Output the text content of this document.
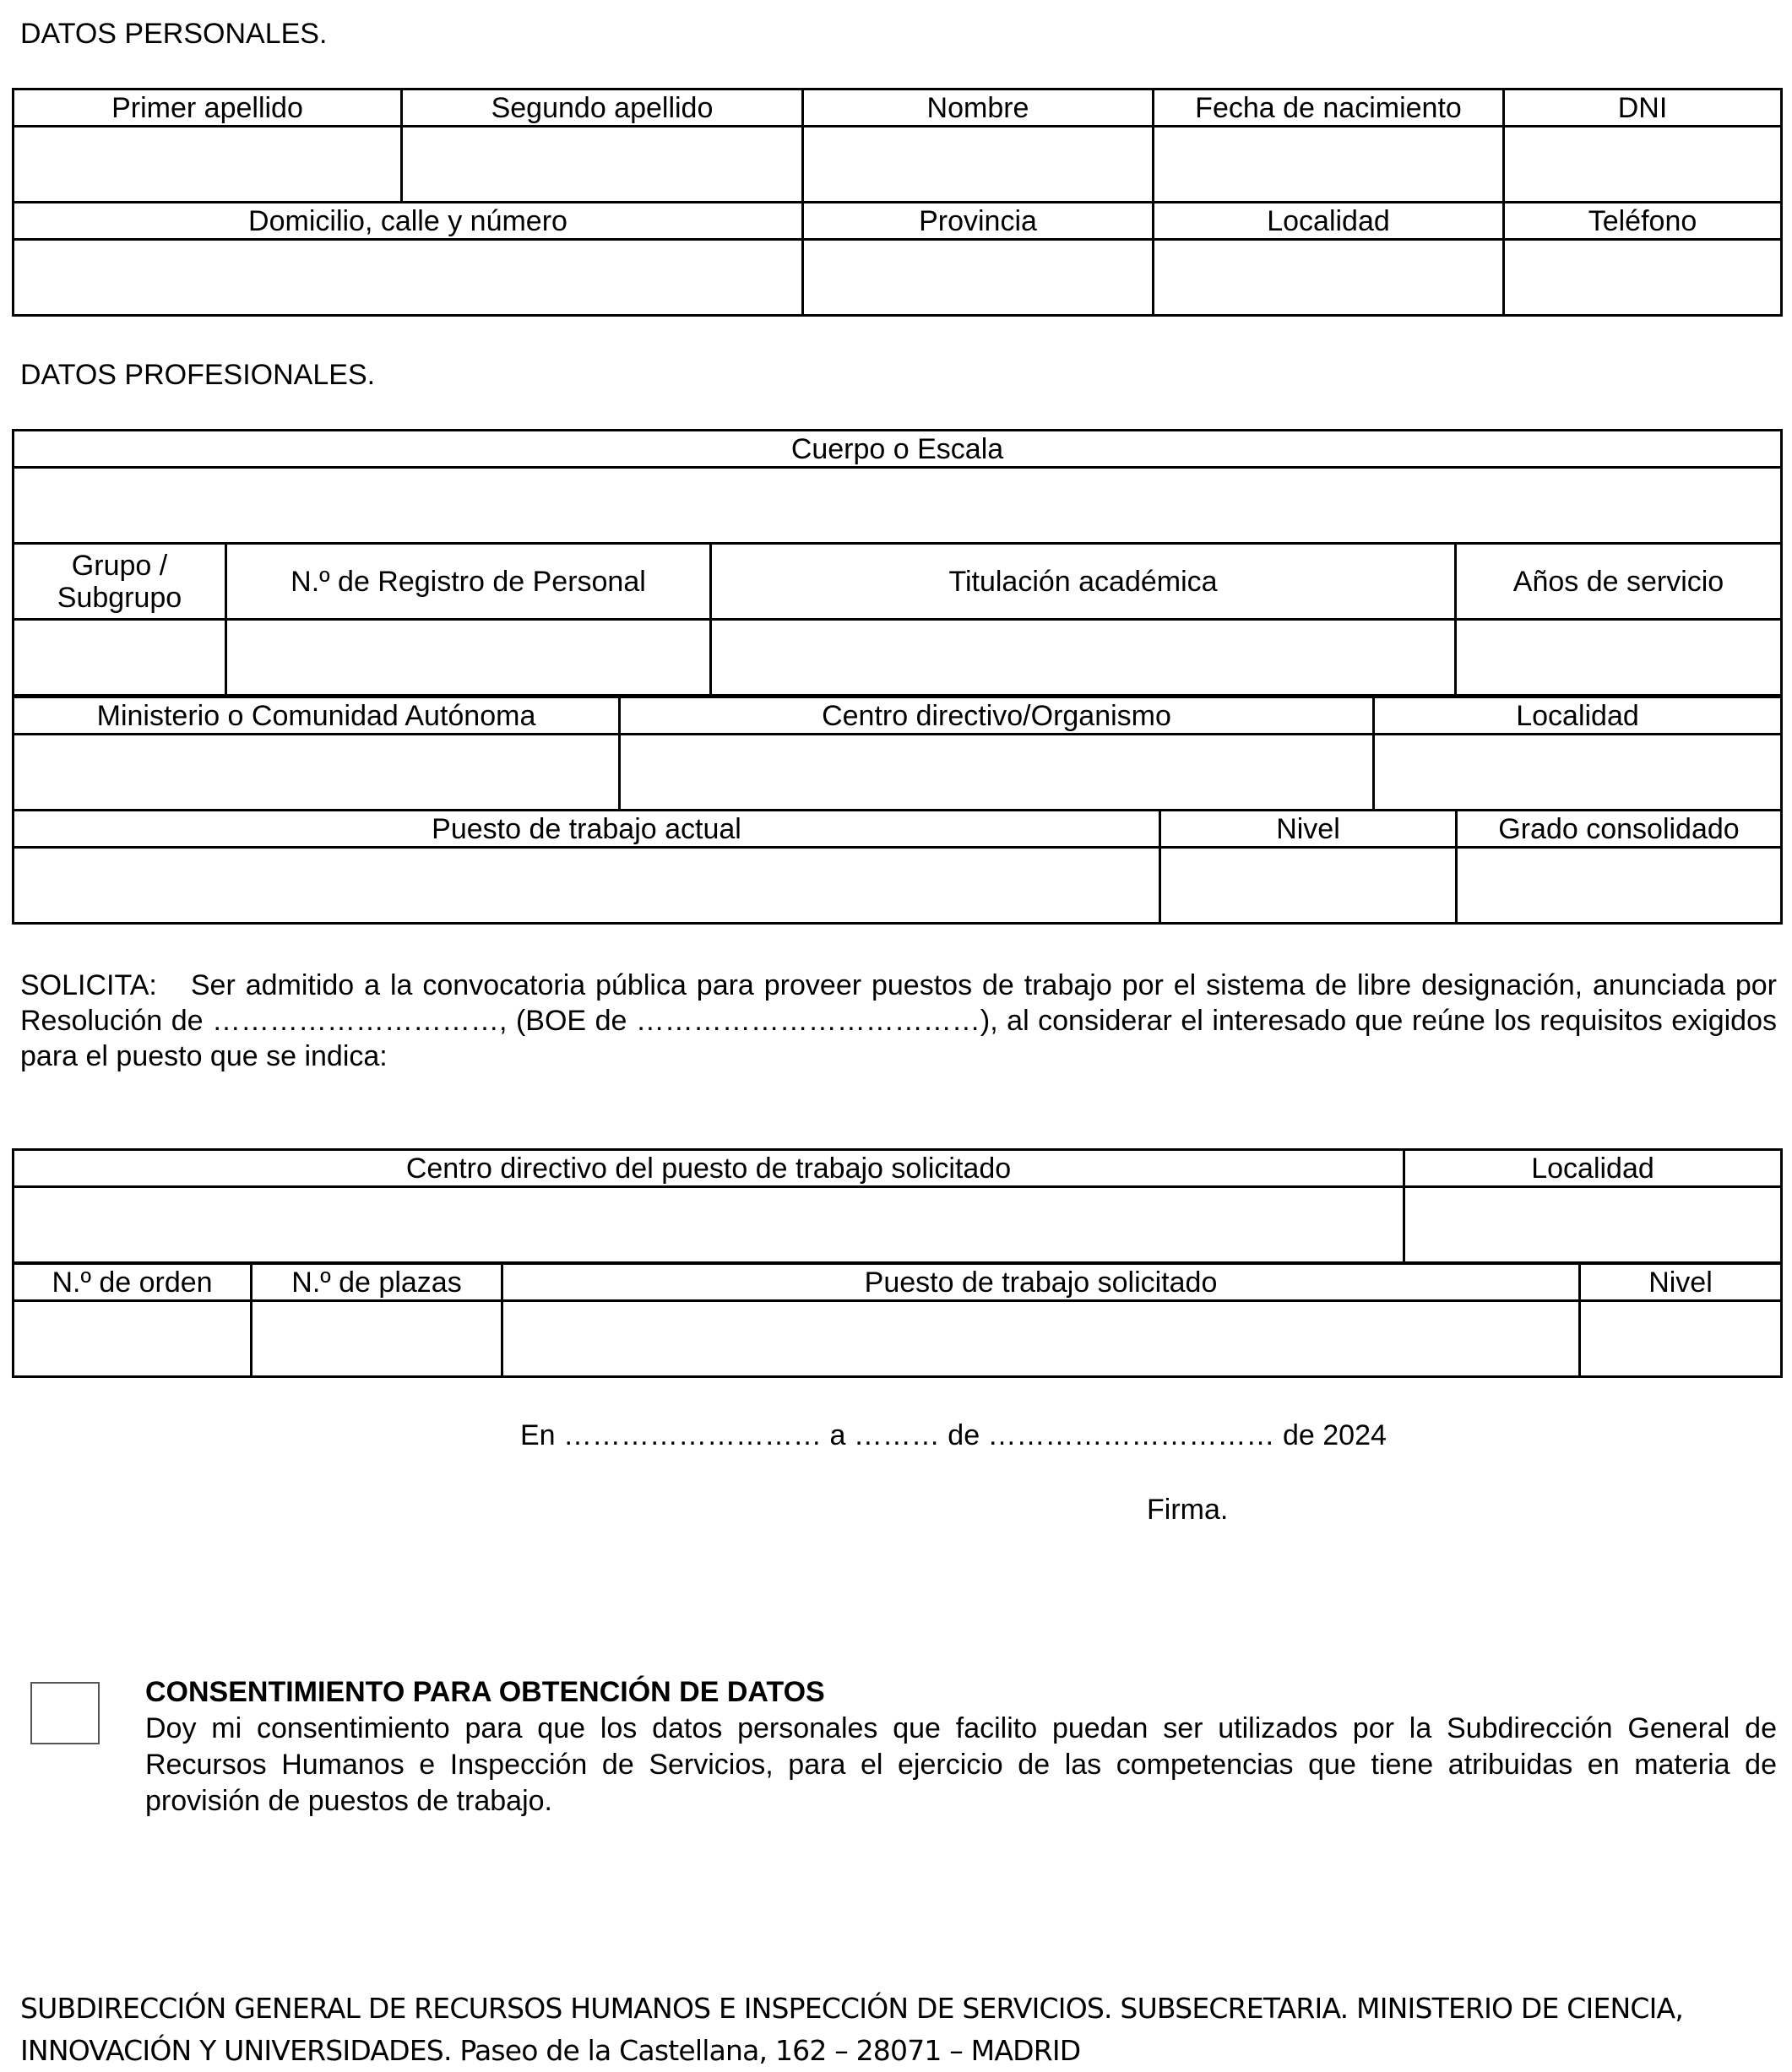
DATOS PERSONALES.
Primer apellido	Segundo apellido	Nombre	Fecha de nacimiento	DNI

Domicilio, calle y número		Provincia	Localidad	Teléfono

DATOS PROFESIONALES.
Cuerpo o Escala			

Grupo / Subgrupo	N.º de Registro de Personal	Titulación académica	Años de servicio

Ministerio o Comunidad Autónoma	Centro directivo/Organismo	Localidad

Puesto de trabajo actual	Nivel	Grado consolidado

SOLICITA: Ser admitido a la convocatoria pública para proveer puestos de trabajo por el sistema de libre designación, anunciada por Resolución de …………………………, (BOE de ………………………………), al considerar el interesado que reúne los requisitos exigidos para el puesto que se indica:
Centro directivo del puesto de trabajo solicitado	Localidad

N.º de orden	N.º de plazas	Puesto de trabajo solicitado	Nivel

En ……………………… a ……… de ………………………… de 2024
Firma.
CONSENTIMIENTO PARA OBTENCIÓN DE DATOS
Doy mi consentimiento para que los datos personales que facilito puedan ser utilizados por la Subdirección General de Recursos Humanos e Inspección de Servicios, para el ejercicio de las competencias que tiene atribuidas en materia de provisión de puestos de trabajo.
SUBDIRECCIÓN GENERAL DE RECURSOS HUMANOS E INSPECCIÓN DE SERVICIOS. SUBSECRETARIA. MINISTERIO DE CIENCIA,
INNOVACIÓN Y UNIVERSIDADES. Paseo de la Castellana, 162 – 28071 – MADRID
